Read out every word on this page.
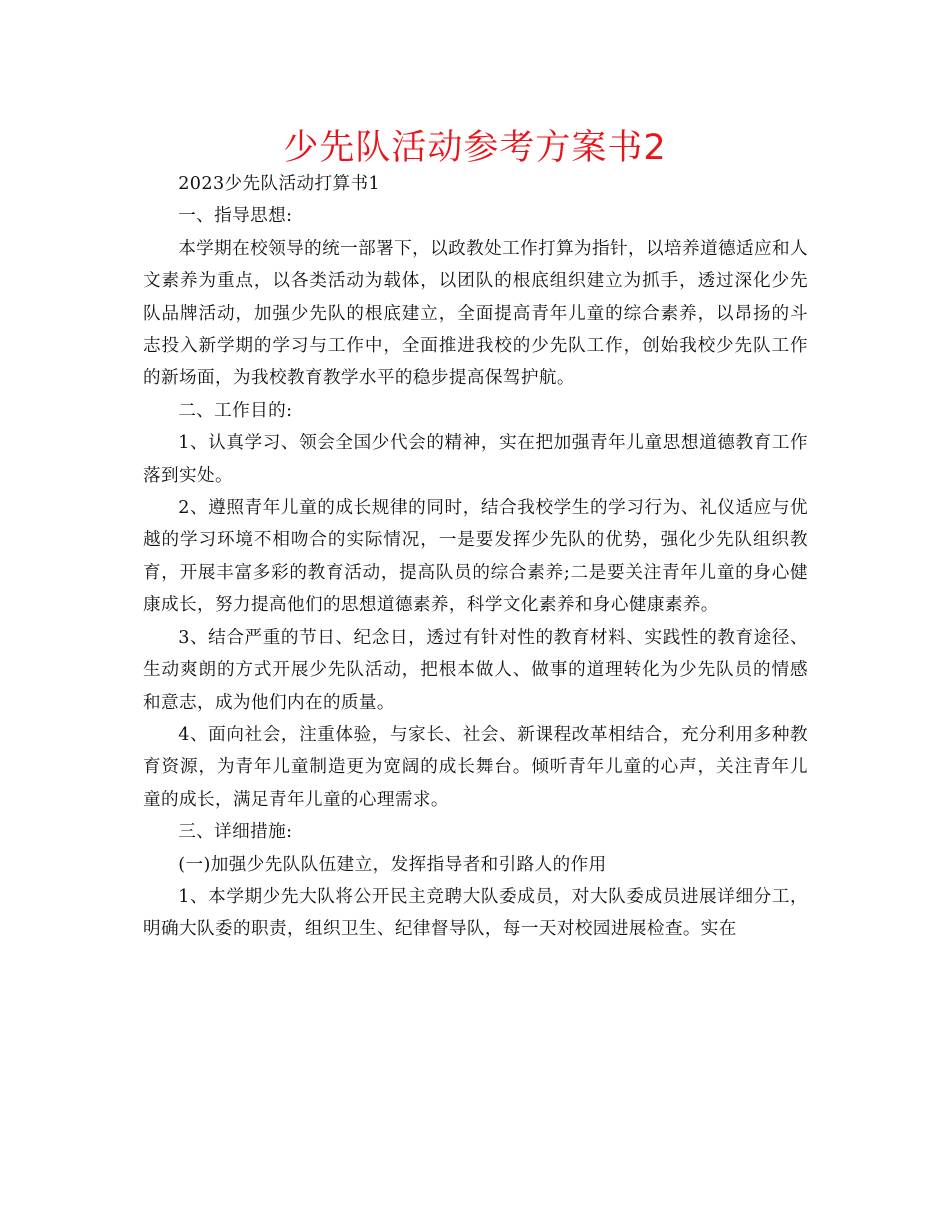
少先队活动参考方案书2

2023少先队活动打算书1

一、指导思想:

本学期在校领导的统一部署下，以政教处工作打算为指针，以培养道德适应和人文素养为重点，以各类活动为载体，以团队的根底组织建立为抓手，透过深化少先队品牌活动，加强少先队的根底建立，全面提高青年儿童的综合素养，以昂扬的斗志投入新学期的学习与工作中，全面推进我校的少先队工作，创始我校少先队工作的新场面，为我校教育教学水平的稳步提高保驾护航。

二、工作目的:

1、认真学习、领会全国少代会的精神，实在把加强青年儿童思想道德教育工作落到实处。

2、遵照青年儿童的成长规律的同时，结合我校学生的学习行为、礼仪适应与优越的学习环境不相吻合的实际情况，一是要发挥少先队的优势，强化少先队组织教育，开展丰富多彩的教育活动，提高队员的综合素养;二是要关注青年儿童的身心健康成长，努力提高他们的思想道德素养，科学文化素养和身心健康素养。

3、结合严重的节日、纪念日，透过有针对性的教育材料、实践性的教育途径、生动爽朗的方式开展少先队活动，把根本做人、做事的道理转化为少先队员的情感和意志，成为他们内在的质量。

4、面向社会，注重体验，与家长、社会、新课程改革相结合，充分利用多种教育资源，为青年儿童制造更为宽阔的成长舞台。倾听青年儿童的心声，关注青年儿童的成长，满足青年儿童的心理需求。

三、详细措施:

(一)加强少先队队伍建立，发挥指导者和引路人的作用

1、本学期少先大队将公开民主竞聘大队委成员，对大队委成员进展详细分工，明确大队委的职责，组织卫生、纪律督导队，每一天对校园进展检查。实在
